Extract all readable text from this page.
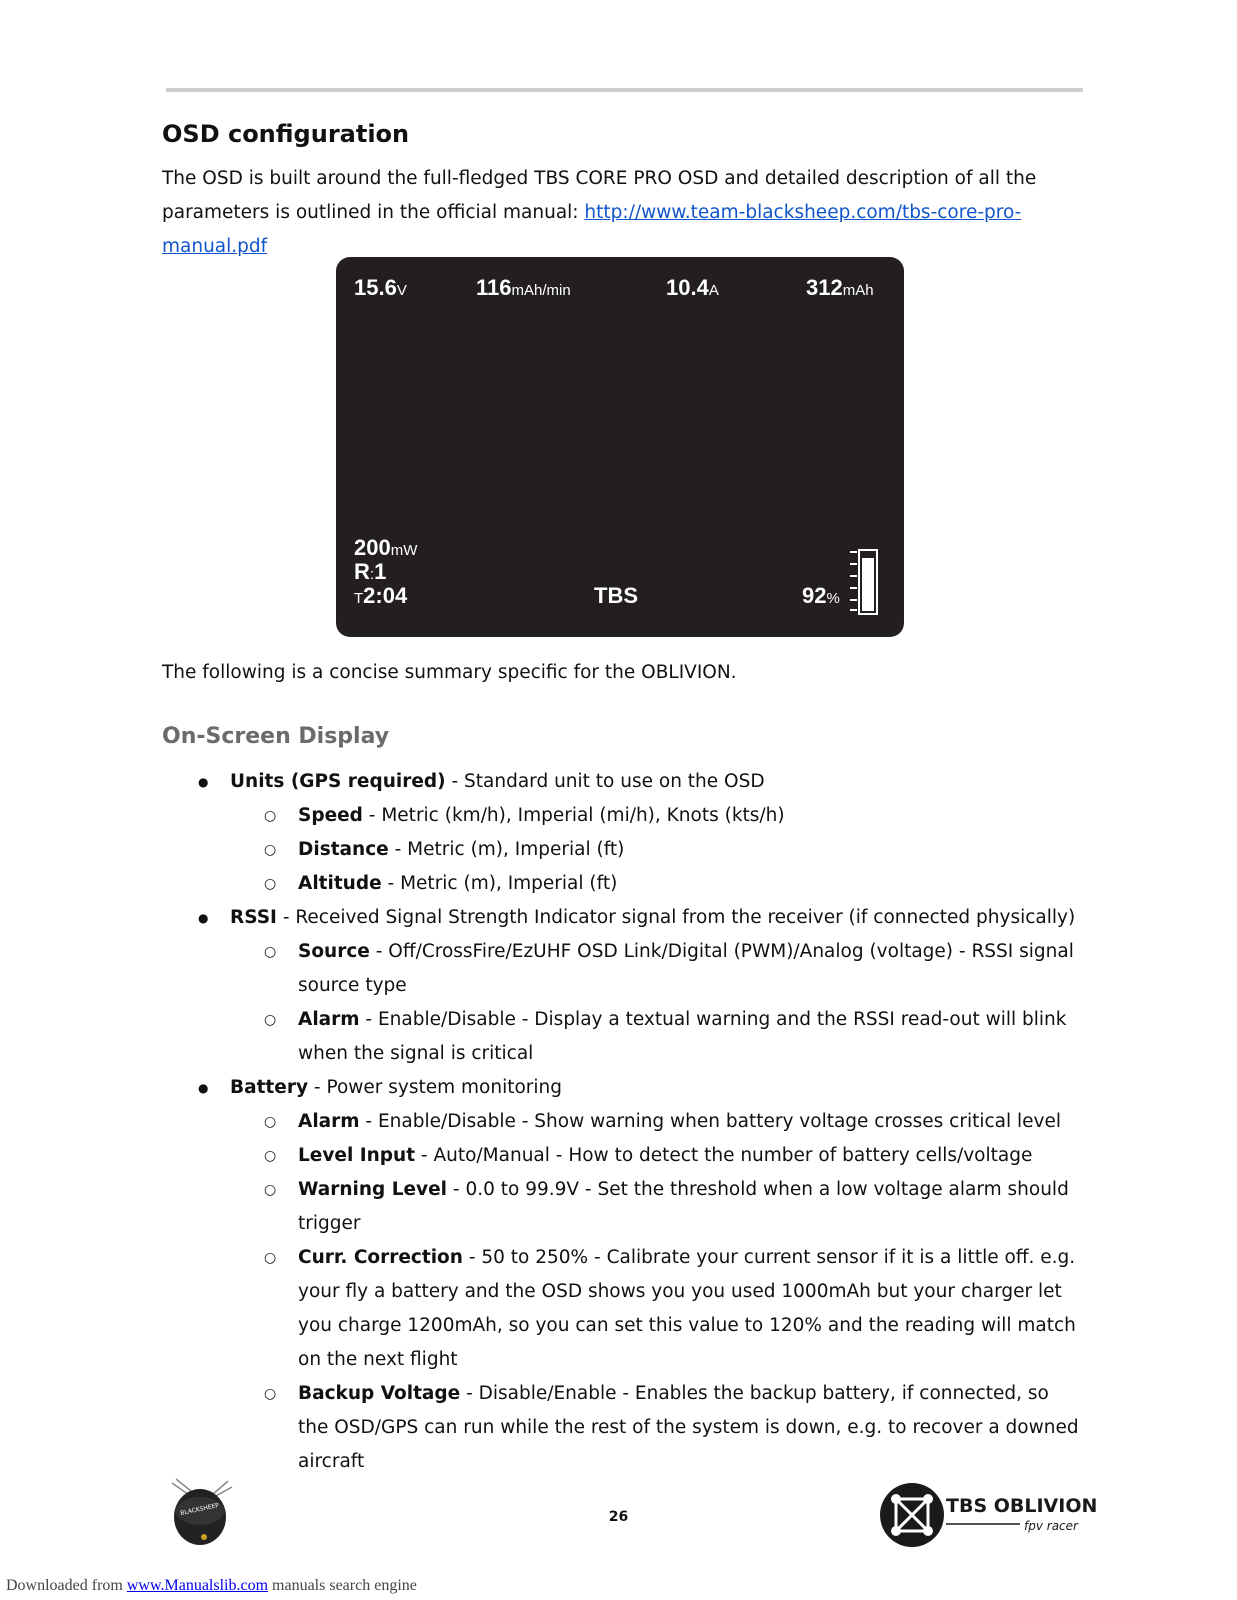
OSD configuration
The OSD is built around the full-fledged TBS CORE PRO OSD and detailed description of all the parameters is outlined in the official manual: http://www.team-blacksheep.com/tbs-core-pro-manual.pdf
15.6V	116mAh/min	10.4A	312mAh
200mW
R:1
T2:04	TBS	92%
The following is a concise summary specific for the OBLIVION.
On-Screen Display
● Units (GPS required) - Standard unit to use on the OSD
○ Speed - Metric (km/h), Imperial (mi/h), Knots (kts/h)
○ Distance - Metric (m), Imperial (ft)
○ Altitude - Metric (m), Imperial (ft)
● RSSI - Received Signal Strength Indicator signal from the receiver (if connected physically)
○ Source - Off/CrossFire/EzUHF OSD Link/Digital (PWM)/Analog (voltage) - RSSI signal source type
○ Alarm - Enable/Disable - Display a textual warning and the RSSI read-out will blink when the signal is critical
● Battery - Power system monitoring
○ Alarm - Enable/Disable - Show warning when battery voltage crosses critical level
○ Level Input - Auto/Manual - How to detect the number of battery cells/voltage
○ Warning Level - 0.0 to 99.9V - Set the threshold when a low voltage alarm should trigger
○ Curr. Correction - 50 to 250% - Calibrate your current sensor if it is a little off. e.g. your fly a battery and the OSD shows you you used 1000mAh but your charger let you charge 1200mAh, so you can set this value to 120% and the reading will match on the next flight
○ Backup Voltage - Disable/Enable - Enables the backup battery, if connected, so the OSD/GPS can run while the rest of the system is down, e.g. to recover a downed aircraft
BLACKSHEEP	26	TBS OBLIVION
fpv racer
Downloaded from www.Manualslib.com manuals search engine
